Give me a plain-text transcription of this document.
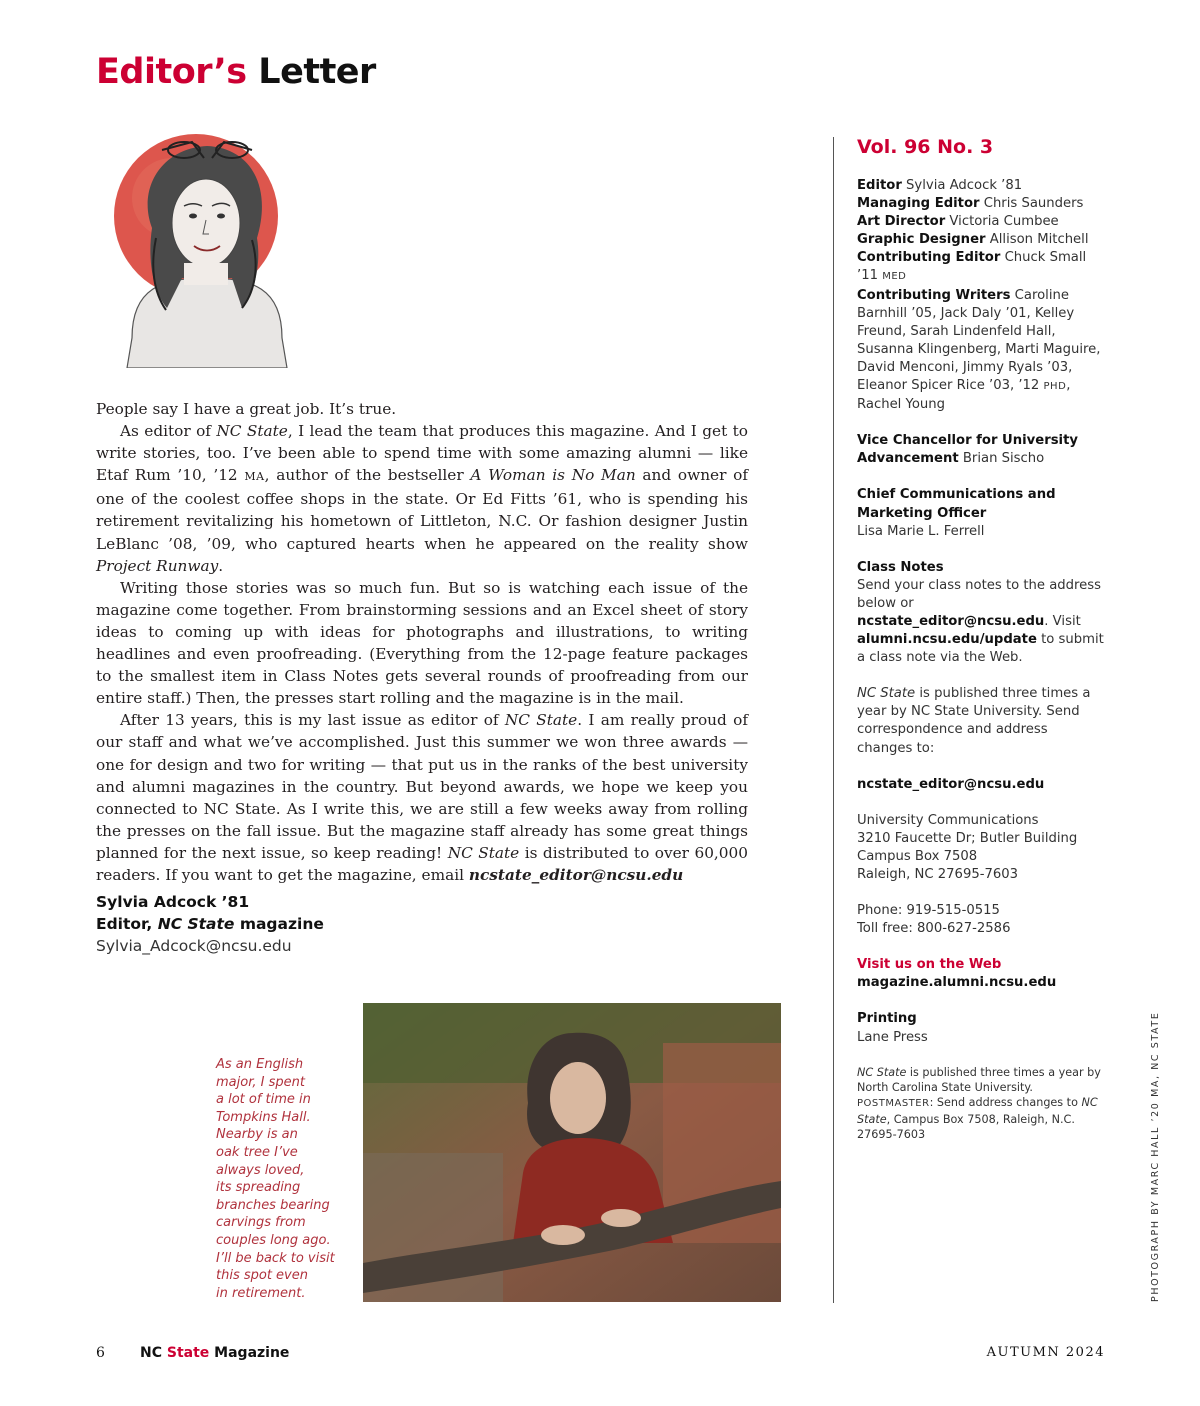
Editor’s Letter

People say I have a great job. It’s true.

As editor of NC State, I lead the team that produces this magazine. And I get to write stories, too. I’ve been able to spend time with some amazing alumni — like Etaf Rum ’10, ’12 MA, author of the bestseller A Woman is No Man and owner of one of the coolest coffee shops in the state. Or Ed Fitts ’61, who is spending his retirement revitalizing his hometown of Littleton, N.C. Or fashion designer Justin LeBlanc ’08, ’09, who captured hearts when he appeared on the reality show Project Runway.

Writing those stories was so much fun. But so is watching each issue of the magazine come together. From brainstorming sessions and an Excel sheet of story ideas to coming up with ideas for photographs and illustrations, to writing headlines and even proofreading. (Everything from the 12-page feature packages to the smallest item in Class Notes gets several rounds of proofreading from our entire staff.) Then, the presses start rolling and the magazine is in the mail.

After 13 years, this is my last issue as editor of NC State. I am really proud of our staff and what we’ve accomplished. Just this summer we won three awards — one for design and two for writing — that put us in the ranks of the best university and alumni magazines in the country. But beyond awards, we hope we keep you connected to NC State. As I write this, we are still a few weeks away from rolling the presses on the fall issue. But the magazine staff already has some great things planned for the next issue, so keep reading! NC State is distributed to over 60,000 readers. If you want to get the magazine, email ncstate_editor@ncsu.edu

Sylvia Adcock ’81
Editor, NC State magazine
Sylvia_Adcock@ncsu.edu
As an English
major, I spent
a lot of time in
Tompkins Hall.
Nearby is an
oak tree I’ve
always loved,
its spreading
branches bearing
carvings from
couples long ago.
I’ll be back to visit
this spot even
in retirement.
Vol. 96 No. 3
Editor Sylvia Adcock ’81
Managing Editor Chris Saunders
Art Director Victoria Cumbee
Graphic Designer Allison Mitchell
Contributing Editor Chuck Small ’11 MED
Contributing Writers Caroline Barnhill ’05, Jack Daly ’01, Kelley Freund, Sarah Lindenfeld Hall, Susanna Klingenberg, Marti Maguire, David Menconi, Jimmy Ryals ’03, Eleanor Spicer Rice ’03, ’12 PHD, Rachel Young
Vice Chancellor for University Advancement Brian Sischo
Chief Communications and Marketing Officer
Lisa Marie L. Ferrell
Class Notes
Send your class notes to the address below or ncstate_editor@ncsu.edu. Visit alumni.ncsu.edu/update to submit a class note via the Web.
NC State is published three times a year by NC State University. Send correspondence and address changes to:
ncstate_editor@ncsu.edu
University Communications
3210 Faucette Dr; Butler Building
Campus Box 7508
Raleigh, NC 27695-7603
Phone: 919-515-0515
Toll free: 800-627-2586
Visit us on the Web
magazine.alumni.ncsu.edu
Printing
Lane Press
NC State is published three times a year by North Carolina State University. POSTMASTER: Send address changes to NC State, Campus Box 7508, Raleigh, N.C. 27695-7603	PHOTOGRAPH BY MARC HALL ’20 MA, NC STATE
6	NC State Magazine	AUTUMN 2024
